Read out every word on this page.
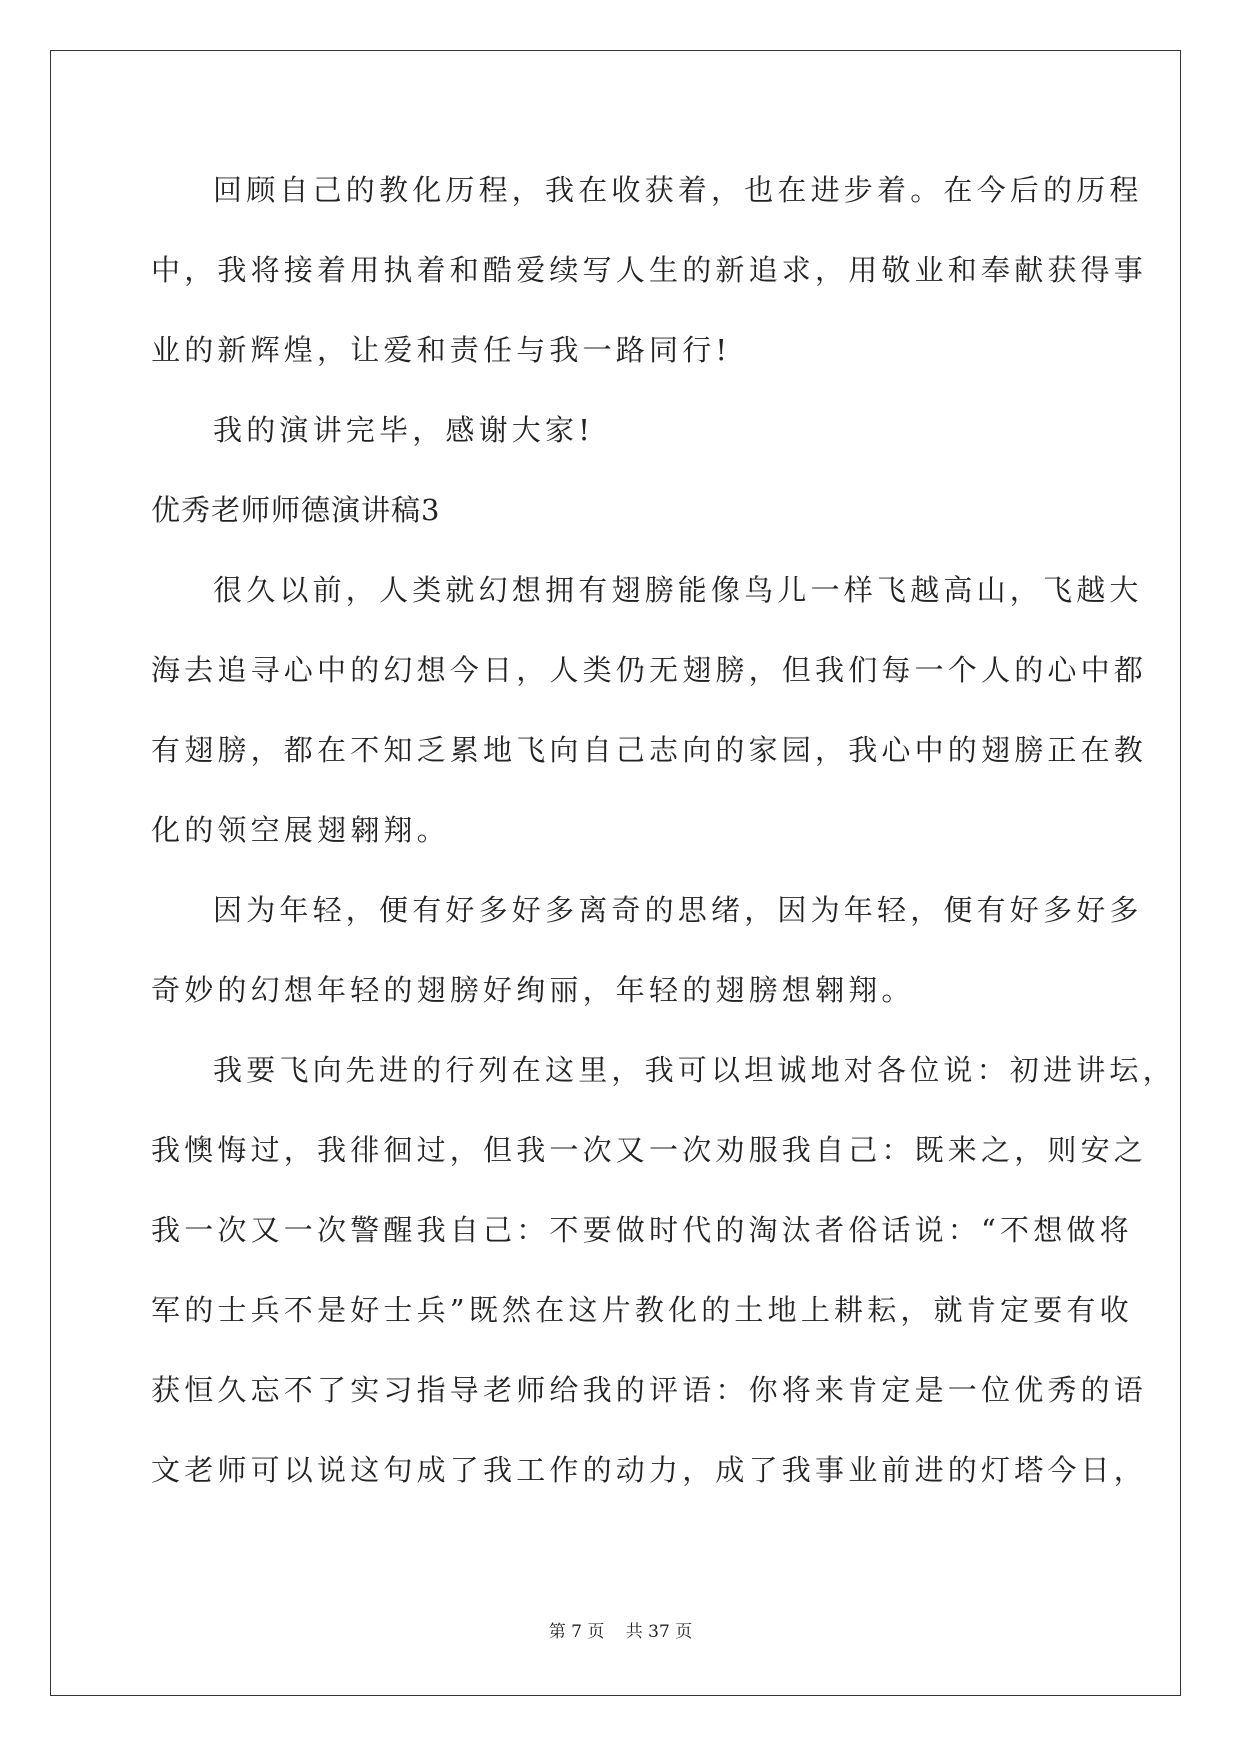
回顾自己的教化历程，我在收获着，也在进步着。在今后的历程
中，我将接着用执着和酷爱续写人生的新追求，用敬业和奉献获得事
业的新辉煌，让爱和责任与我一路同行!
我的演讲完毕，感谢大家!
优秀老师师德演讲稿3
很久以前，人类就幻想拥有翅膀能像鸟儿一样飞越高山，飞越大
海去追寻心中的幻想今日，人类仍无翅膀，但我们每一个人的心中都
有翅膀，都在不知乏累地飞向自己志向的家园，我心中的翅膀正在教
化的领空展翅翱翔。
因为年轻，便有好多好多离奇的思绪，因为年轻，便有好多好多
奇妙的幻想年轻的翅膀好绚丽，年轻的翅膀想翱翔。
我要飞向先进的行列在这里，我可以坦诚地对各位说：初进讲坛，
我懊悔过，我徘徊过，但我一次又一次劝服我自己：既来之，则安之
我一次又一次警醒我自己：不要做时代的淘汰者俗话说：“不想做将
军的士兵不是好士兵”既然在这片教化的土地上耕耘，就肯定要有收
获恒久忘不了实习指导老师给我的评语：你将来肯定是一位优秀的语
文老师可以说这句成了我工作的动力，成了我事业前进的灯塔今日，
第 7 页 共 37 页
